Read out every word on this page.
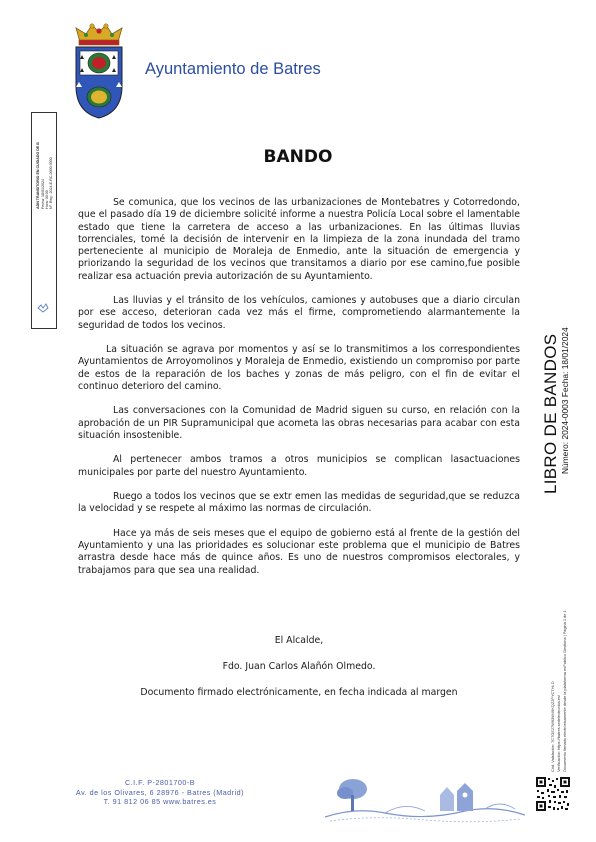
Ayuntamiento de Batres
ADN TRANSITORIO EN CUIDADO DE B Fecha: 18/01/2024 Hora: 00:00 Nº. Reg.: 2024-E-RC-0000 0000
BANDO

Se comunica, que los vecinos de las urbanizaciones de Montebatres y Cotorredondo, que el pasado día 19 de diciembre solicité informe a nuestra Policía Local sobre el lamentable estado que tiene la carretera de acceso a las urbanizaciones. En las últimas lluvias torrenciales, tomé la decisión de intervenir en la limpieza de la zona inundada del tramo perteneciente al municipio de Moraleja de Enmedio, ante la situación de emergencia y priorizando la seguridad de los vecinos que transitamos a diario por ese camino,fue posible realizar esa actuación previa autorización de su Ayuntamiento.

Las lluvias y el tránsito de los vehículos, camiones y autobuses que a diario circulan por ese acceso, deterioran cada vez más el firme, comprometiendo alarmantemente la seguridad de todos los vecinos.

La situación se agrava por momentos y así se lo transmitimos a los correspondientes Ayuntamientos de Arroyomolinos y Moraleja de Enmedio, existiendo un compromiso por parte de estos de la reparación de los baches y zonas de más peligro, con el fin de evitar el continuo deterioro del camino.

Las conversaciones con la Comunidad de Madrid siguen su curso, en relación con la aprobación de un PIR Supramunicipal que acometa las obras necesarias para acabar con esta situación insostenible.

Al pertenecer ambos tramos a otros municipios se complican lasactuaciones municipales por parte del nuestro Ayuntamiento.

Ruego a todos los vecinos que se extr emen las medidas de seguridad,que se reduzca la velocidad y se respete al máximo las normas de circulación.

Hace ya más de seis meses que el equipo de gobierno está al frente de la gestión del Ayuntamiento y una las prioridades es solucionar este problema que el municipio de Batres arrastra desde hace más de quince años. Es uno de nuestros compromisos electorales, y trabajamos para que sea una realidad.

El Alcalde,
Fdo. Juan Carlos Alañón Olmedo.
Documento firmado electrónicamente, en fecha indicada al margen
LIBRO DE BANDOS Número: 2024-0003 Fecha: 18/01/2024
Cód. Validación: 7C7GE27W93W49KQZ2PYCTHLD Verificación: https://batres.sedelectronica.es/ Documento firmado electrónicamente desde la plataforma esPublico Gestiona | Página 1 de 1
C.I.F. P-2801700-B
Av. de los Olivares, 6 28976 - Batres (Madrid)
T. 91 812 06 85 www.batres.es
